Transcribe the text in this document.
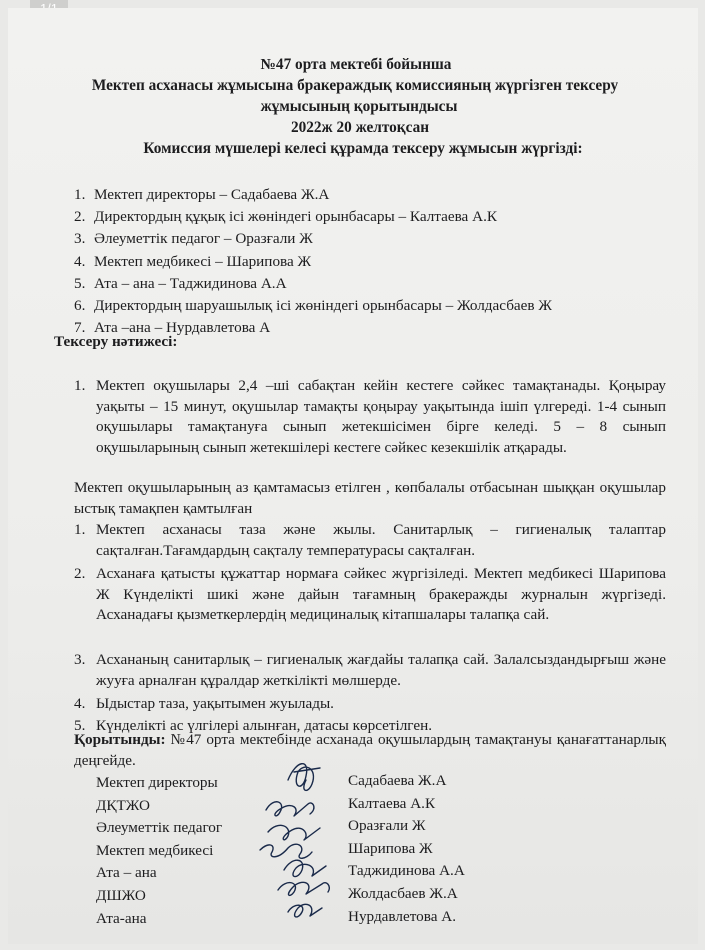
№47 орта мектебі бойынша
Мектеп асханасы жұмысына бракераждық комиссияның жүргізген тексеру
жұмысының қорытындысы
2022ж 20 желтоқсан
Комиссия мүшелері келесі құрамда тексеру жұмысын жүргізді:
1. Мектеп директоры – Садабаева Ж.А
2. Директордың құқық ісі жөніндегі орынбасары – Калтаева А.К
3. Әлеуметтік педагог – Оразғали Ж
4. Мектеп медбикесі – Шарипова Ж
5. Ата – ана – Таджидинова А.А
6. Директордың шаруашылық ісі жөніндегі орынбасары – Жолдасбаев Ж
7. Ата –ана – Нурдавлетова А
Тексеру нәтижесі:
1. Мектеп оқушылары 2,4 –ші сабақтан кейін кестеге сәйкес тамақтанады. Қоңырау уақыты – 15 минут, оқушылар тамақты қоңырау уақытында ішіп үлгереді. 1-4 сынып оқушылары тамақтануға сынып жетекшісімен бірге келеді. 5 – 8 сынып оқушыларының сынып жетекшілері кестеге сәйкес кезекшілік атқарады.
Мектеп оқушыларының аз қамтамасыз етілген , көпбалалы отбасынан шыққан оқушылар ыстық тамақпен қамтылған
1. Мектеп асханасы таза және жылы. Санитарлық – гигиеналық талаптар сақталған.Тағамдардың сақталу температурасы сақталған.
2. Асханаға қатысты құжаттар нормаға сәйкес жүргізіледі. Мектеп медбикесі Шарипова Ж Күнделікті шикі және дайын тағамның бракеражды журналын жүргізеді. Асханадағы қызметкерлердің медициналық кітапшалары талапқа сай.
3. Асхананың санитарлық – гигиеналық жағдайы талапқа сай. Залалсыздандырғыш және жууға арналған құралдар жеткілікті мөлшерде.
4. Ыдыстар таза, уақытымен жуылады.
5. Күнделікті ас үлгілері алынған, датасы көрсетілген.
Қорытынды: №47 орта мектебінде асханада оқушылардың тамақтануы қанағаттанарлық деңгейде.
Мектеп директоры
ДҚТЖО
Әлеуметтік педагог
Мектеп медбикесі
Ата – ана
ДШЖО
Ата-ана
Садабаева Ж.А
Калтаева А.К
Оразғали Ж
Шарипова Ж
Таджидинова А.А
Жолдасбаев Ж.А
Нурдавлетова А.
